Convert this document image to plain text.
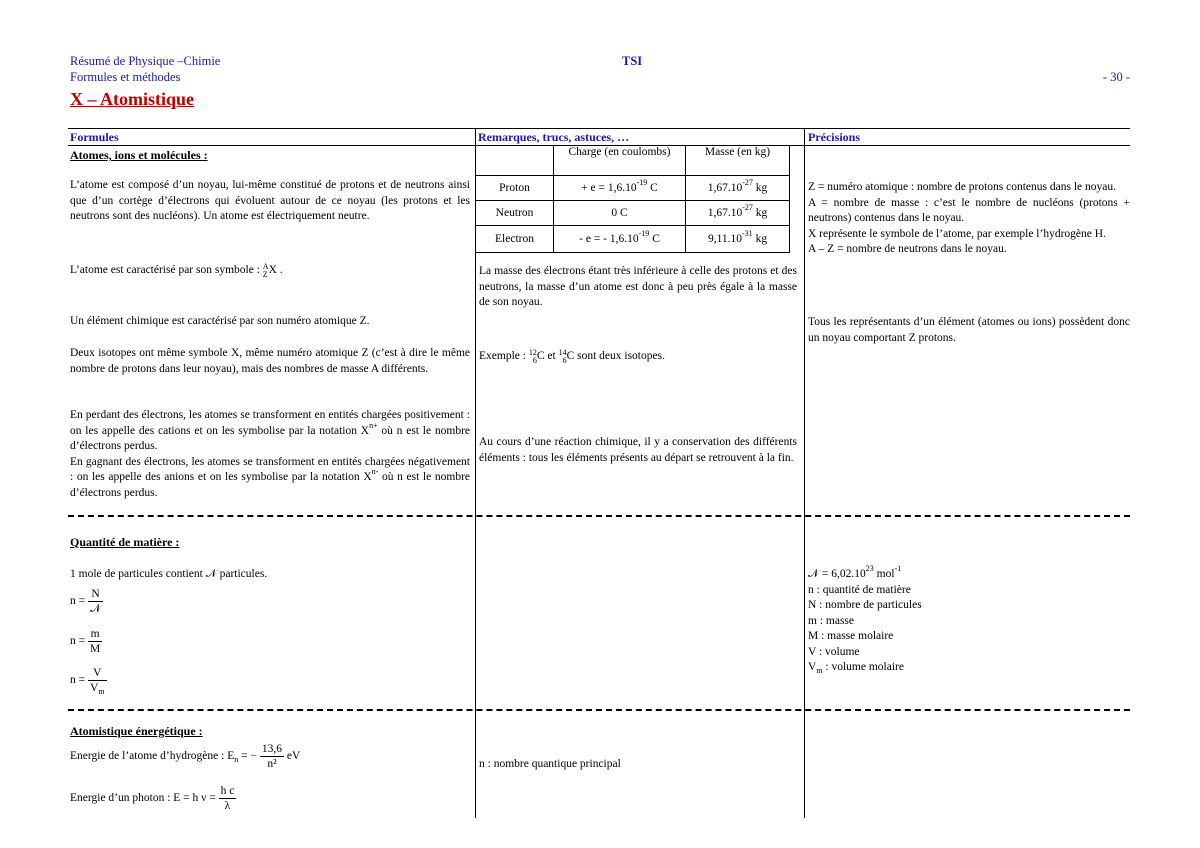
Résumé de Physique –Chimie
Formules et méthodes
TSI
- 30 -
X – Atomistique
Formules	Remarques, trucs, astuces, …	Précisions
Atomes, ions et molécules :
L’atome est composé d’un noyau, lui-même constitué de protons et de neutrons ainsi que d’un cortège d’électrons qui évoluent autour de ce noyau (les protons et les neutrons sont des nucléons). Un atome est électriquement neutre.
L’atome est caractérisé par son symbole : A
Z X .
Un élément chimique est caractérisé par son numéro atomique Z.
Deux isotopes ont même symbole X, même numéro atomique Z (c’est à dire le même nombre de protons dans leur noyau), mais des nombres de masse A différents.
En perdant des électrons, les atomes se transforment en entités chargées positivement : on les appelle des cations et on les symbolise par la notation $X^{n+}$ où n est le nombre d’électrons perdus.
En gagnant des électrons, les atomes se transforment en entités chargées négativement : on les appelle des anions et on les symbolise par la notation $X^{n-}$ où n est le nombre d’électrons perdus.
	Charge (en coulombs)	Masse (en kg)	
Proton	+ $e = 1,6.10^{-19}$ C	$1,67.10^{-27}$ kg	
Neutron	0 C	$1,67.10^{-27}$ kg	
Electron	- e = - $1,6.10^{-19}$ C	$9,11.10^{-31}$ kg	
La masse des électrons étant très inférieure à celle des protons et des neutrons, la masse d’un atome est donc à peu près égale à la masse de son noyau.
Exemple : 12
6 C et 14
6 C sont deux isotopes.
Au cours d’une réaction chimique, il y a conservation des différents éléments : tous les éléments présents au départ se retrouvent à la fin.
Z = numéro atomique : nombre de protons contenus dans le noyau.
A = nombre de masse : c’est le nombre de nucléons (protons + neutrons) contenus dans le noyau.
X représente le symbole de l’atome, par exemple l’hydrogène H.
A – Z = nombre de neutrons dans le noyau.
Tous les représentants d’un élément (atomes ou ions) possèdent donc un noyau comportant Z protons.
Quantité de matière :
1 mole de particules contient 𝒩 particules.
$n = \frac{N}{\text{𝒩}}$
$n = \frac{m}{M}$
$n = \frac{V}{V_m}$
𝒩 = $6,02.10^{23}$ mol$^{-1}$
n : quantité de matière
N : nombre de particules
m : masse
M : masse molaire
V : volume
$V_m$ : volume molaire
Atomistique énergétique :
Energie de l’atome d’hydrogène : $E_n$ = − $\frac{13,6}{\text{n²}}$ eV
Energie d’un photon : E = h $\nu = \frac{\text{h c}}{\lambda}$
n : nombre quantique principal
